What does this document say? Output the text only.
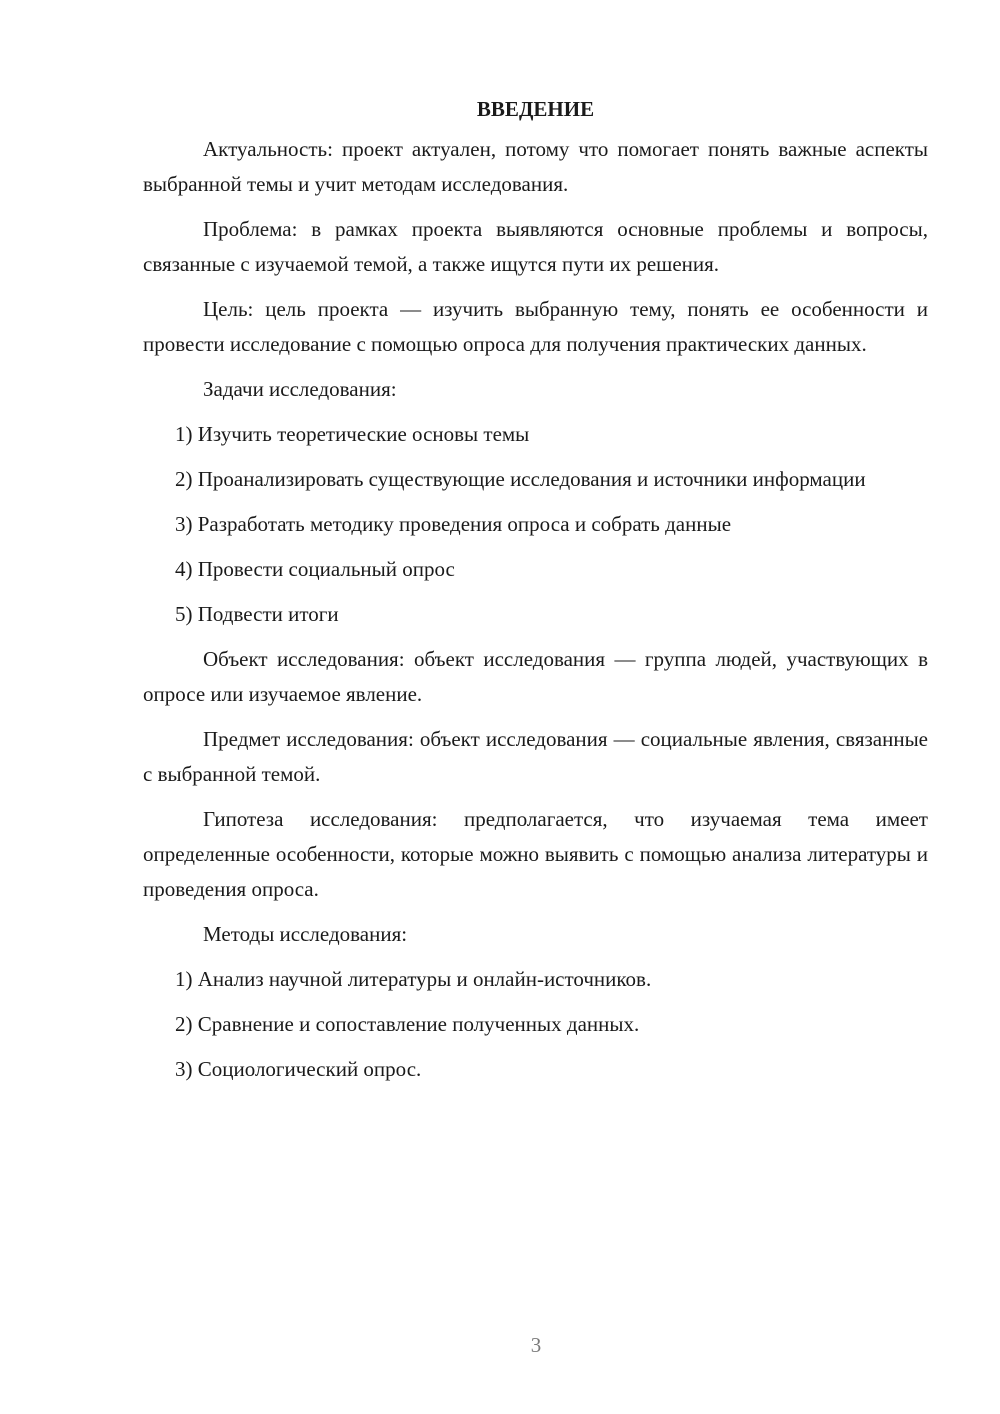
ВВЕДЕНИЕ

Актуальность: проект актуален, потому что помогает понять важные аспекты выбранной темы и учит методам исследования.

Проблема: в рамках проекта выявляются основные проблемы и вопросы, связанные с изучаемой темой, а также ищутся пути их решения.

Цель: цель проекта — изучить выбранную тему, понять ее особенности и провести исследование с помощью опроса для получения практических данных.

Задачи исследования:

1) Изучить теоретические основы темы

2) Проанализировать существующие исследования и источники информации

3) Разработать методику проведения опроса и собрать данные

4) Провести социальный опрос

5) Подвести итоги

Объект исследования: объект исследования — группа людей, участвующих в опросе или изучаемое явление.

Предмет исследования: объект исследования — социальные явления, связанные с выбранной темой.

Гипотеза исследования: предполагается, что изучаемая тема имеет определенные особенности, которые можно выявить с помощью анализа литературы и проведения опроса.

Методы исследования:

1) Анализ научной литературы и онлайн-источников.

2) Сравнение и сопоставление полученных данных.

3) Социологический опрос.

3
